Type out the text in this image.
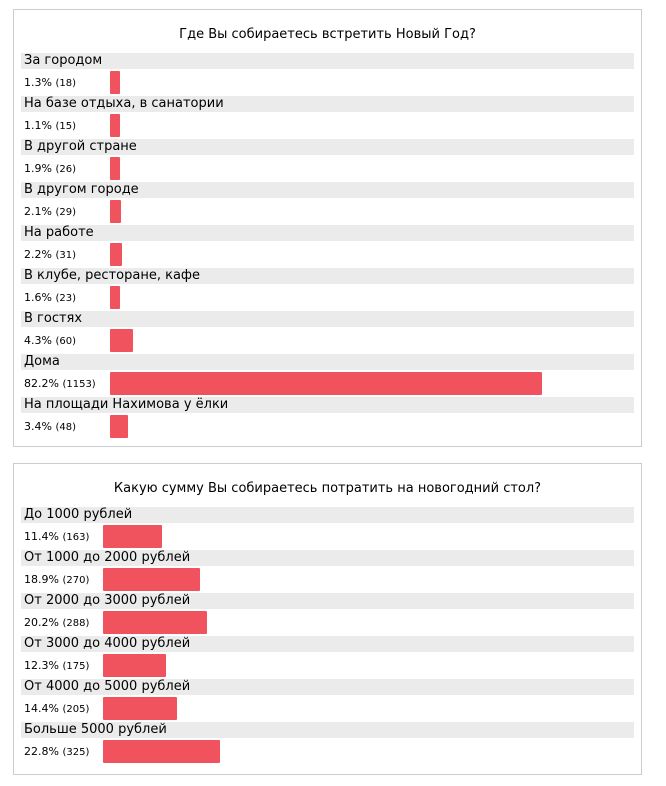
Где Вы собираетесь встретить Новый Год?
За городом
1.3% (18)
На базе отдыха, в санатории
1.1% (15)
В другой стране
1.9% (26)
В другом городе
2.1% (29)
На работе
2.2% (31)
В клубе, ресторане, кафе
1.6% (23)
В гостях
4.3% (60)
Дома
82.2% (1153)
На площади Нахимова у ёлки
3.4% (48)
Какую сумму Вы собираетесь потратить на новогодний стол?
До 1000 рублей
11.4% (163)
От 1000 до 2000 рублей
18.9% (270)
От 2000 до 3000 рублей
20.2% (288)
От 3000 до 4000 рублей
12.3% (175)
От 4000 до 5000 рублей
14.4% (205)
Больше 5000 рублей
22.8% (325)
